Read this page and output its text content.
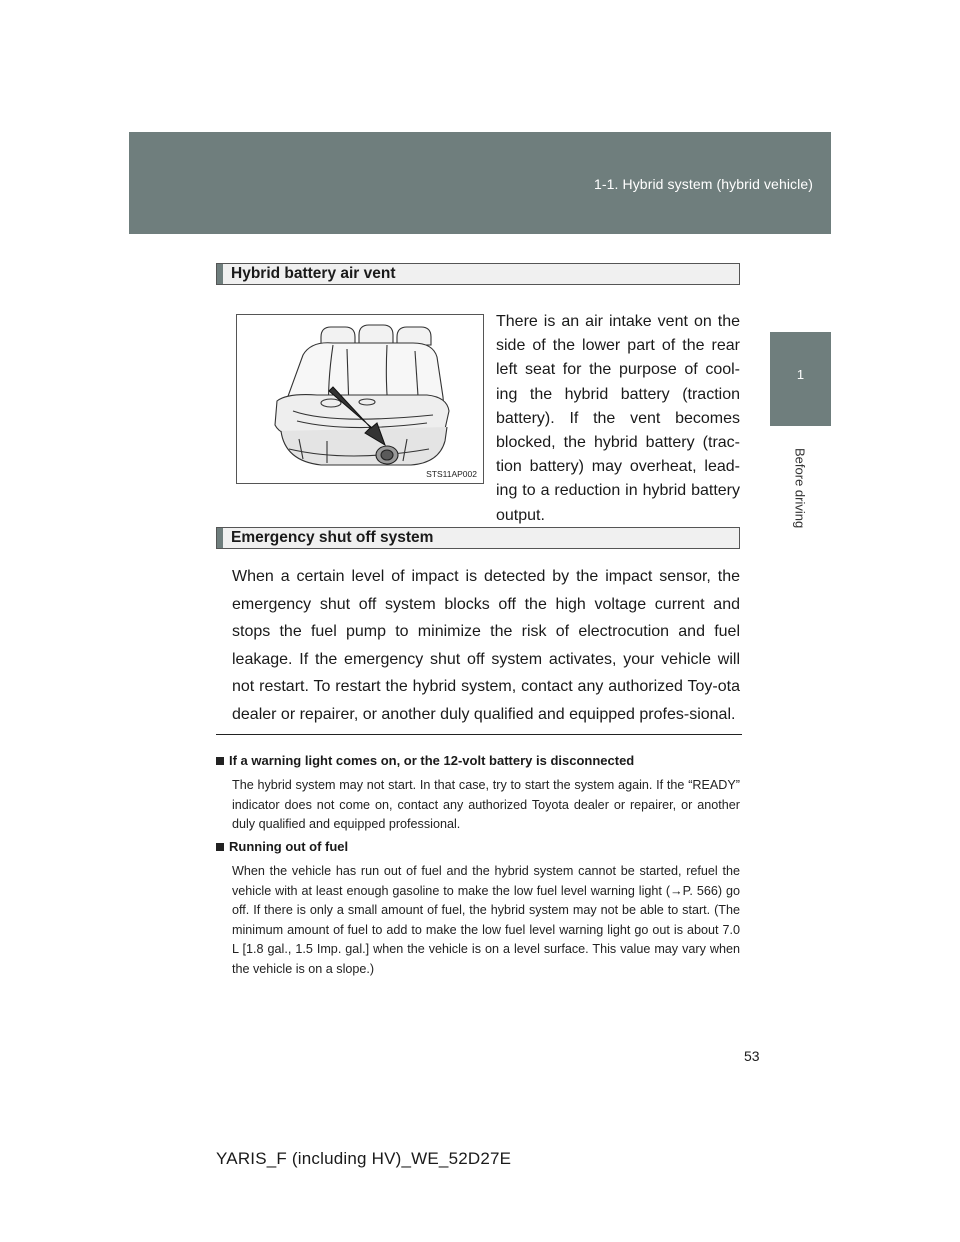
1-1. Hybrid system (hybrid vehicle)
1
Before driving
Hybrid battery air vent
STS11AP002

There is an air intake vent on the side of the lower part of the rear left seat for the purpose of cool-ing the hybrid battery (traction battery). If the vent becomes blocked, the hybrid battery (trac-tion battery) may overheat, lead-ing to a reduction in hybrid battery output.

Emergency shut off system

When a certain level of impact is detected by the impact sensor, the emergency shut off system blocks off the high voltage current and stops the fuel pump to minimize the risk of electrocution and fuel leakage. If the emergency shut off system activates, your vehicle will not restart. To restart the hybrid system, contact any authorized Toy-ota dealer or repairer, or another duly qualified and equipped profes-sional.

If a warning light comes on, or the 12-volt battery is disconnected

The hybrid system may not start. In that case, try to start the system again. If the “READY” indicator does not come on, contact any authorized Toyota dealer or repairer, or another duly qualified and equipped professional.

Running out of fuel

When the vehicle has run out of fuel and the hybrid system cannot be started, refuel the vehicle with at least enough gasoline to make the low fuel level warning light (→P. 566) go off. If there is only a small amount of fuel, the hybrid system may not be able to start. (The minimum amount of fuel to add to make the low fuel level warning light go out is about 7.0 L [1.8 gal., 1.5 Imp. gal.] when the vehicle is on a level surface. This value may vary when the vehicle is on a slope.)

53
YARIS_F (including HV)_WE_52D27E
